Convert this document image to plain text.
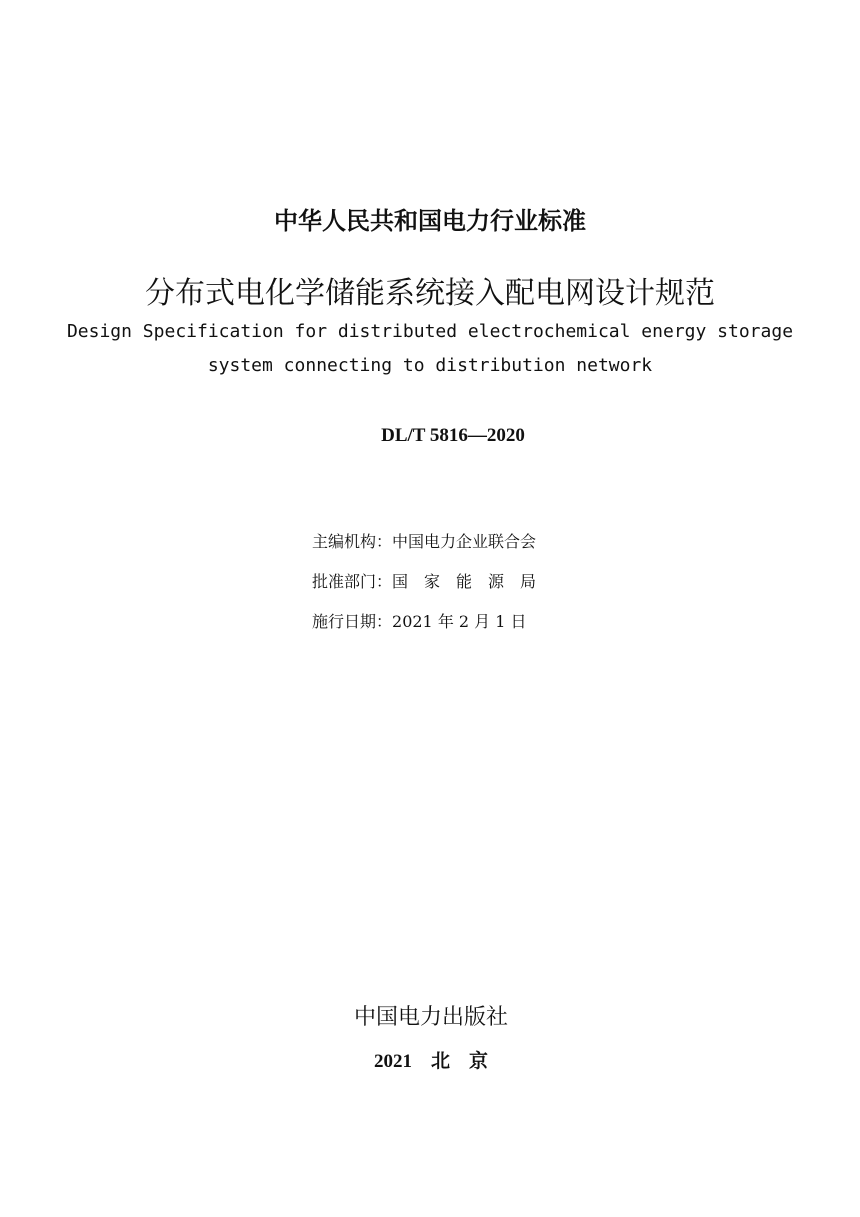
中华人民共和国电力行业标准
分布式电化学储能系统接入配电网设计规范
Design Specification for distributed electrochemical energy storage
system connecting to distribution network
DL/T 5816—2020
主编机构：中国电力企业联合会
批准部门：国　家　能　源　局
施行日期：2021 年 2 月 1 日
中国电力出版社
2021　北　京
